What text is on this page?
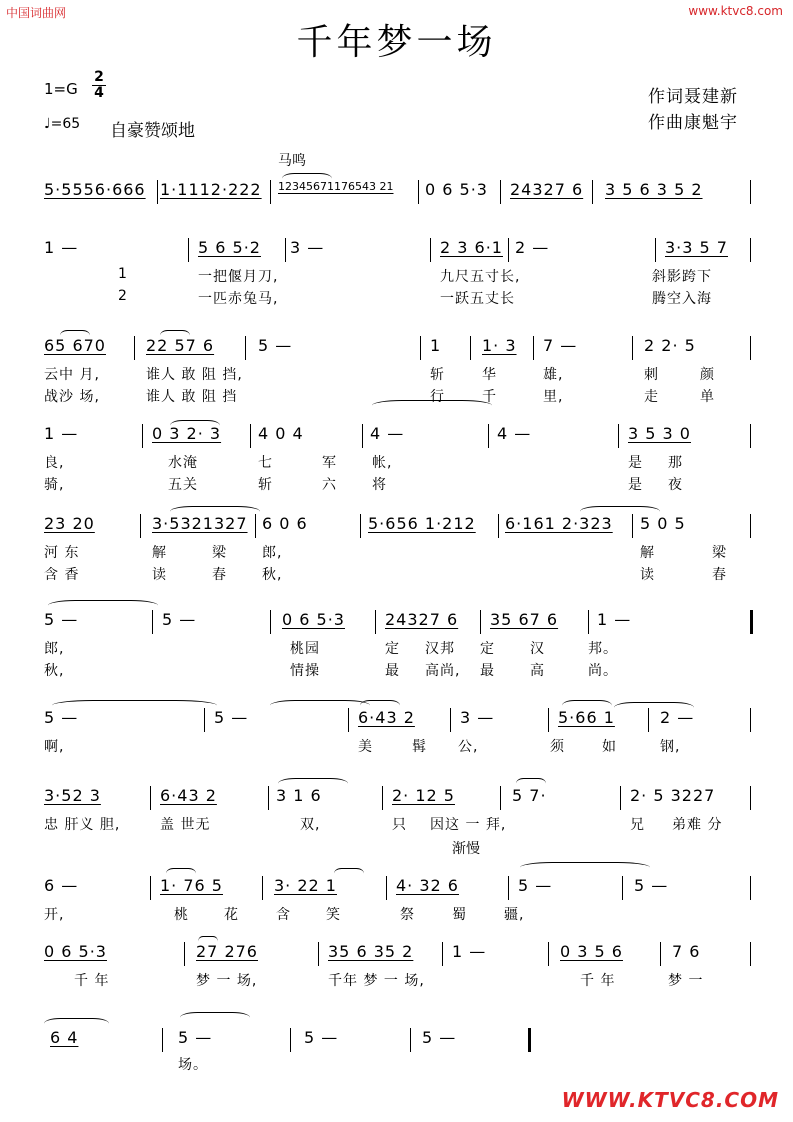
中国词曲网	www.ktvc8.com
千年梦一场
$1=G \frac{2}{4}$
♩=65 自豪赞颂地
作词聂建新
作曲康魁宇
马鸣
渐慢
5·5556·666 1·1112·222 12345671176543 21 0 6 5·3 24327 6 3 5 6 3 5 2
1 —	5 6 5·2 3 —	2 3 6·1 2 —	3·3 5 7
1	一把偃月刀,	九尺五寸长,	斜影跨下
2	一匹赤兔马,	一跃五丈长	腾空入海
65 670	22 57 6	5 —	1	1· 3 7 —	2 2· 5
云中 月,	谁人 敢 阻 挡,	斩	华	雄,	刺	颜
战沙 场,	谁人 敢 阻 挡	行	千	里,	走	单
1 —	0 3 2· 3 4 0 4	4 —	4 —	3 5 3 0
良,	水淹	七	军	帐,	是 那
骑,	五关	斩	六	将	是 夜
23 20	3·5321327 6 0 6	5·656 1·212 6·161 2·323 5 0 5
河 东	解	梁	郎,	解	梁
含 香	读	春	秋,	读	春
5 —	5 —	0 6 5·3	24327 6 35 67 6 1 —
郎,	桃园	定 汉邦 定	汉	邦。
秋,	情操	最 高尚, 最	高	尚。
5 —	5 —	6·43 2	3 —	5·66 1	2 —
啊,	美	髯 公,	须	如	钢,
3·52 3	6·43 2	3 1 6	2· 12 5	5 7·	2· 5 3227
忠 肝义 胆,	盖 世无	双,	只 因这 一 拜,	兄 弟难 分
6 —	1· 76 5	3· 22 1	4· 32 6	5 —	5 —
开,	桃	花	含	笑	祭	蜀	疆,
0 6 5·3	27 276	35 6 35 2 1 —	0 3 5 6	7 6
千 年	梦 一 场,	千年 梦 一 场,	千 年	梦 一
6 4	5 —	5 —	5 —
场。
WWW.KTVC8.COM
